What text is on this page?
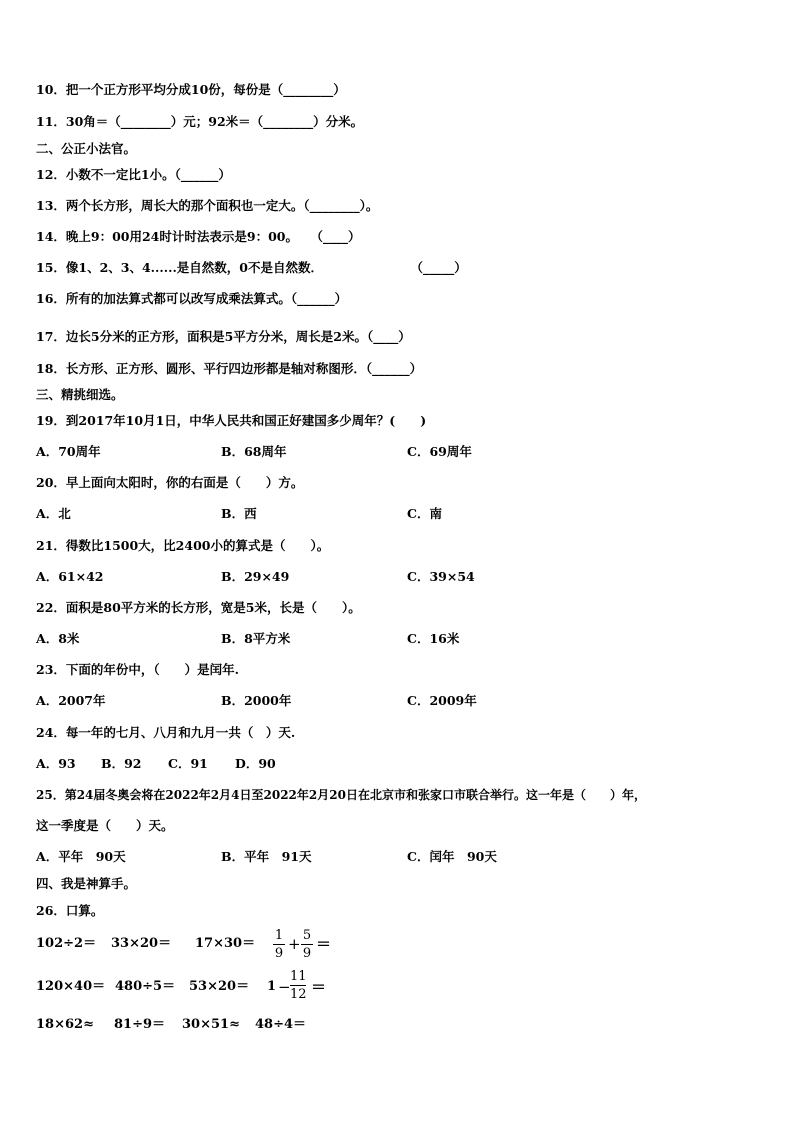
10．把一个正方形平均分成10份，每份是（________）
11．30角＝（________）元；92米＝（________）分米。
二、公正小法官。
12．小数不一定比1小。（______）
13．两个长方形，周长大的那个面积也一定大。（________）。
14．晚上9：00用24时计时法表示是9：00。　　（____）
15．像1、2、3、4......是自然数，0不是自然数．　　　　　　　　（_____）
16．所有的加法算式都可以改写成乘法算式。（______）
17．边长5分米的正方形，面积是5平方分米，周长是2米。（____）
18．长方形、正方形、圆形、平行四边形都是轴对称图形．（______）
三、精挑细选。
19．到2017年10月1日，中华人民共和国正好建国多少周年？(　　)
A．70周年	B．68周年	C．69周年
20．早上面向太阳时，你的右面是（　　）方。
A．北	B．西	C．南
21．得数比1500大，比2400小的算式是（　　）。
A．61×42	B．29×49	C．39×54
22．面积是80平方米的长方形，宽是5米，长是（　　）。
A．8米	B．8平方米	C．16米
23．下面的年份中，（　　）是闰年.
A．2007年	B．2000年	C．2009年
24．每一年的七月、八月和九月一共（　）天.
A．93 B．92 C．91 D．90
25．第24届冬奥会将在2022年2月4日至2022年2月20日在北京市和张家口市联合举行。这一年是（　　）年，
这一季度是（　　）天。
A．平年　90天	B．平年　91天	C．闰年　90天
四、我是神算手。
26．口算。
102÷2＝ 33×20＝ 17×30＝
1
9
+ 5
9
＝
120×40＝ 480÷5＝ 53×20＝ 1 −
11
12 ＝
18×62≈ 81÷9＝ 30×51≈ 48÷4＝
